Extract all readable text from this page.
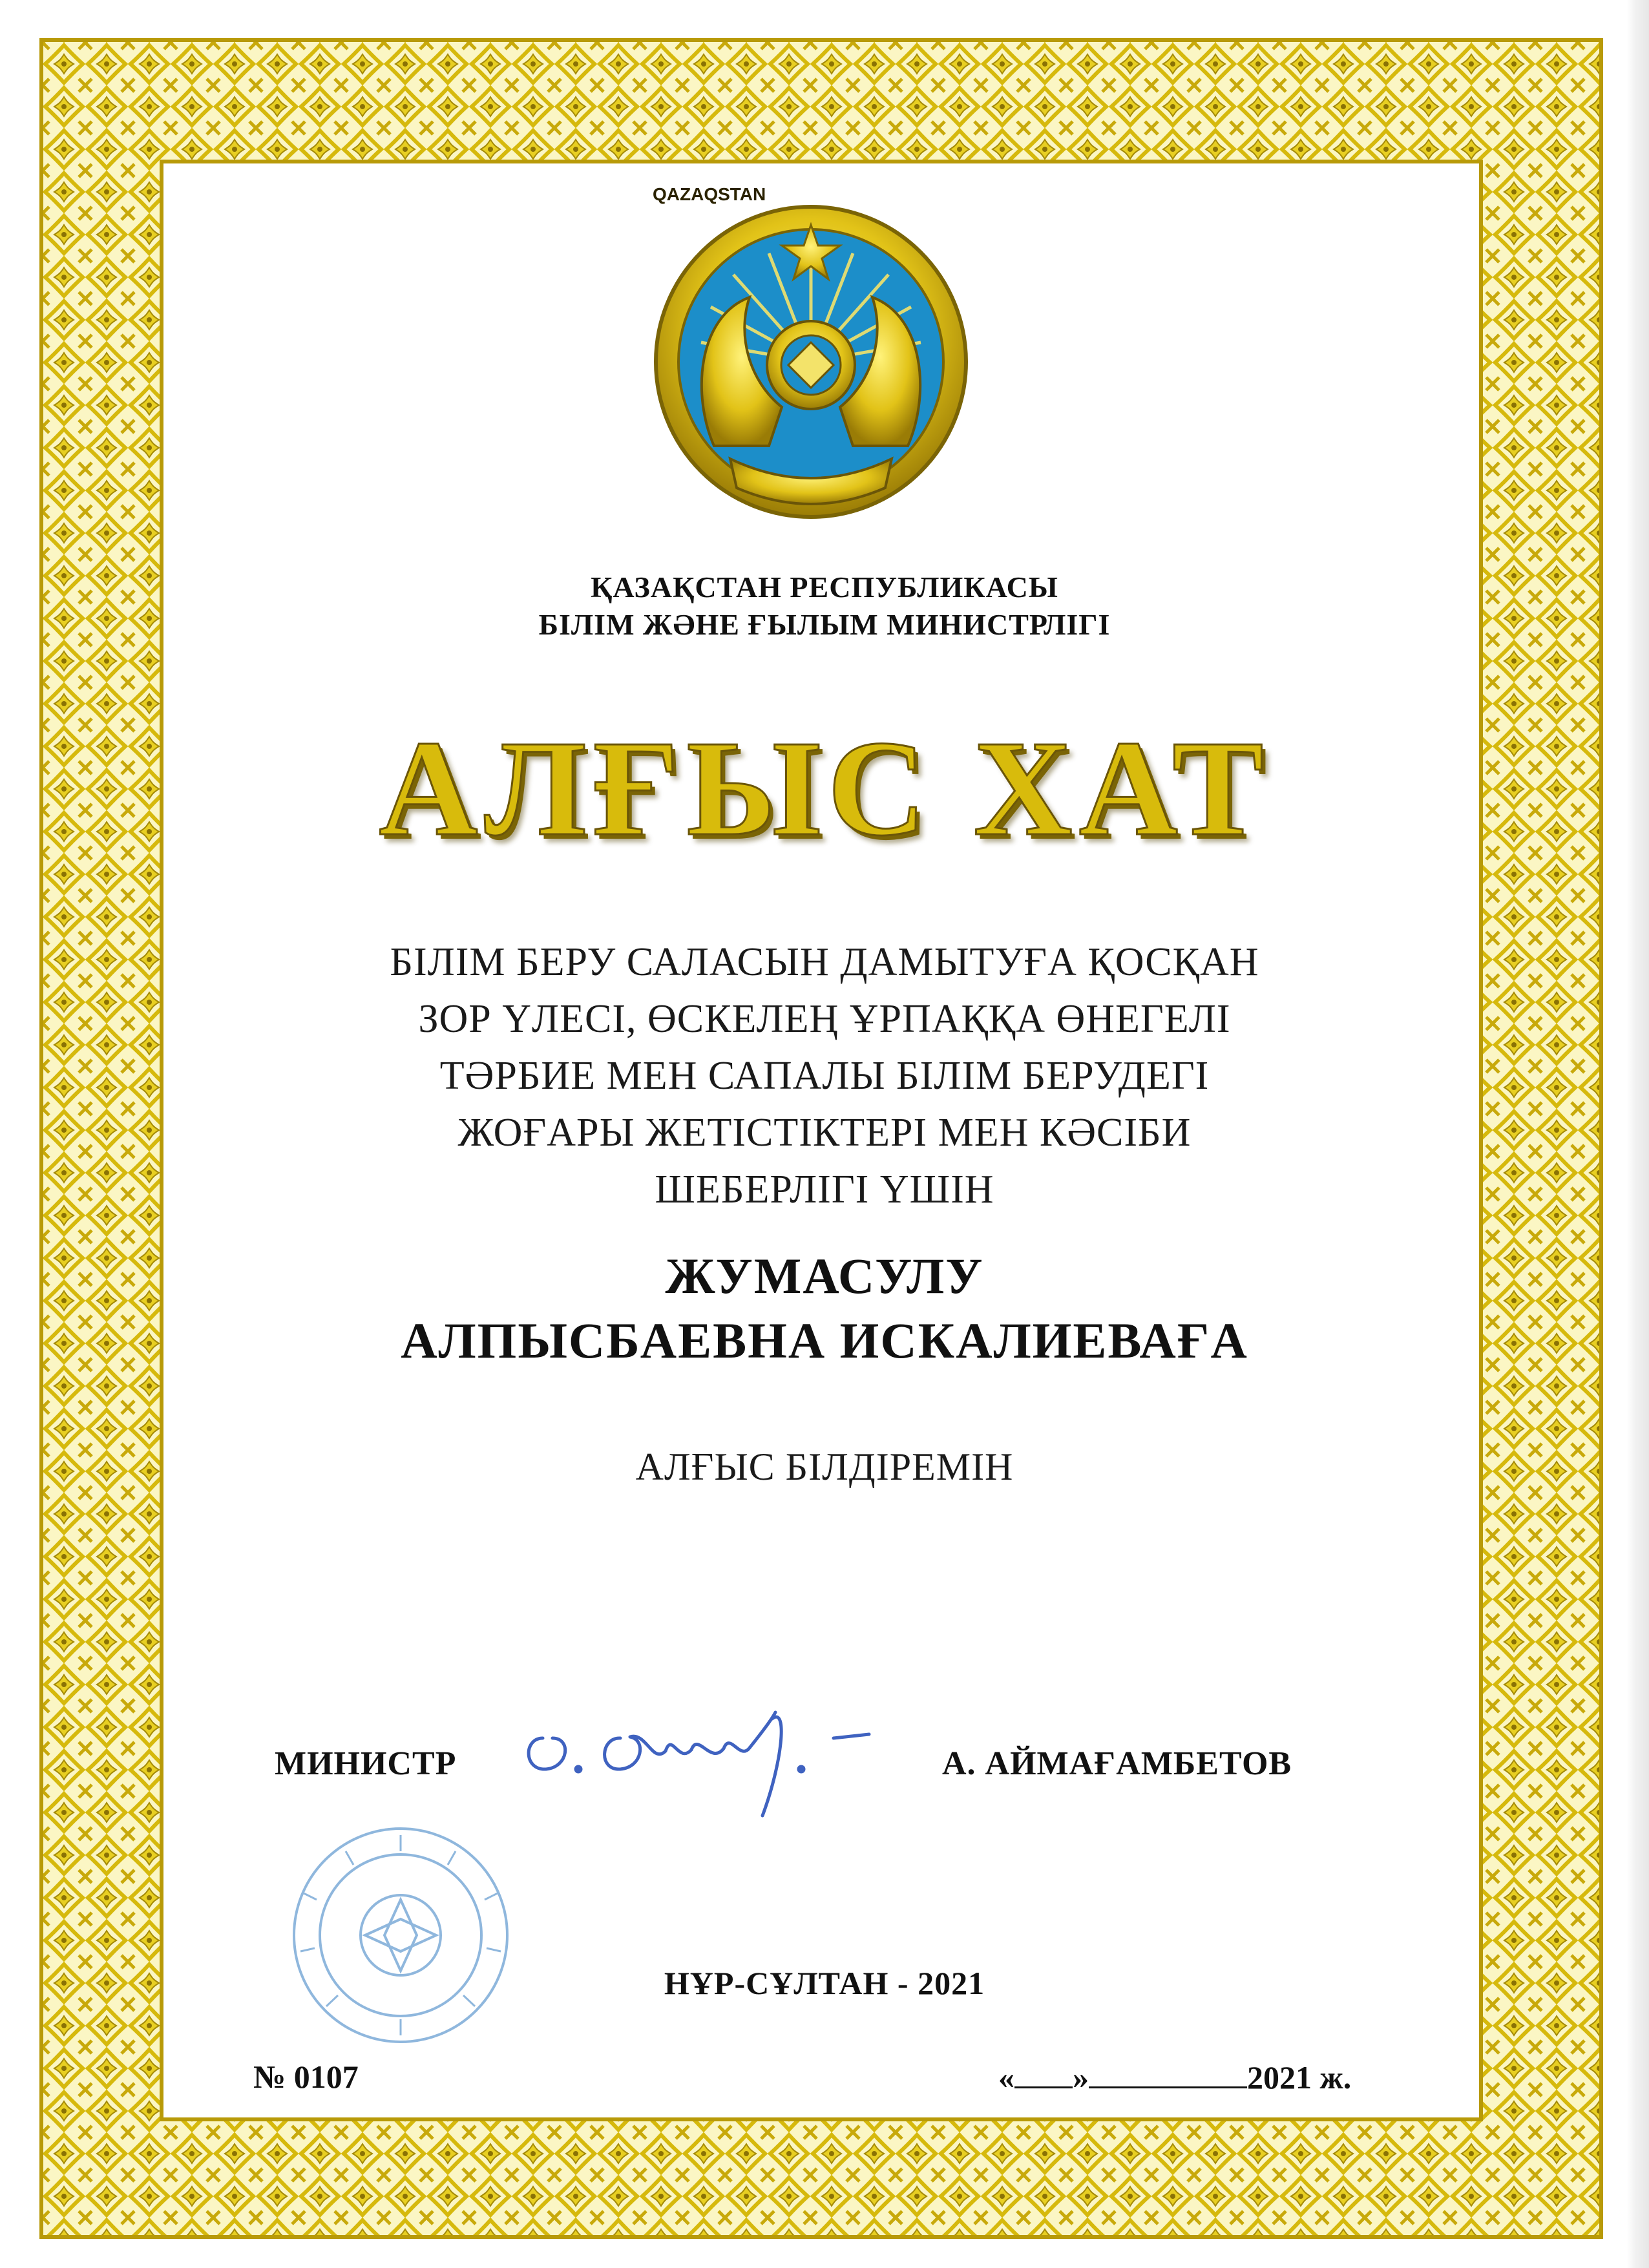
QAZAQSTAN
ҚАЗАҚСТАН РЕСПУБЛИКАСЫ
БІЛІМ ЖӘНЕ ҒЫЛЫМ МИНИСТРЛІГІ
АЛҒЫС ХАТ
БІЛІМ БЕРУ САЛАСЫН ДАМЫТУҒА ҚОСҚАН
ЗОР ҮЛЕСІ, ӨСКЕЛЕҢ ҰРПАҚҚА ӨНЕГЕЛІ
ТӘРБИЕ МЕН САПАЛЫ БІЛІМ БЕРУДЕГІ
ЖОҒАРЫ ЖЕТІСТІКТЕРІ МЕН КӘСІБИ
ШЕБЕРЛІГІ ҮШІН
ЖУМАСУЛУ
АЛПЫСБАЕВНА ИСКАЛИЕВАҒА
АЛҒЫС БІЛДІРЕМІН
МИНИСТР	А. АЙМАҒАМБЕТОВ
НҰР-СҰЛТАН - 2021
№ 0107	« »	2021 ж.
